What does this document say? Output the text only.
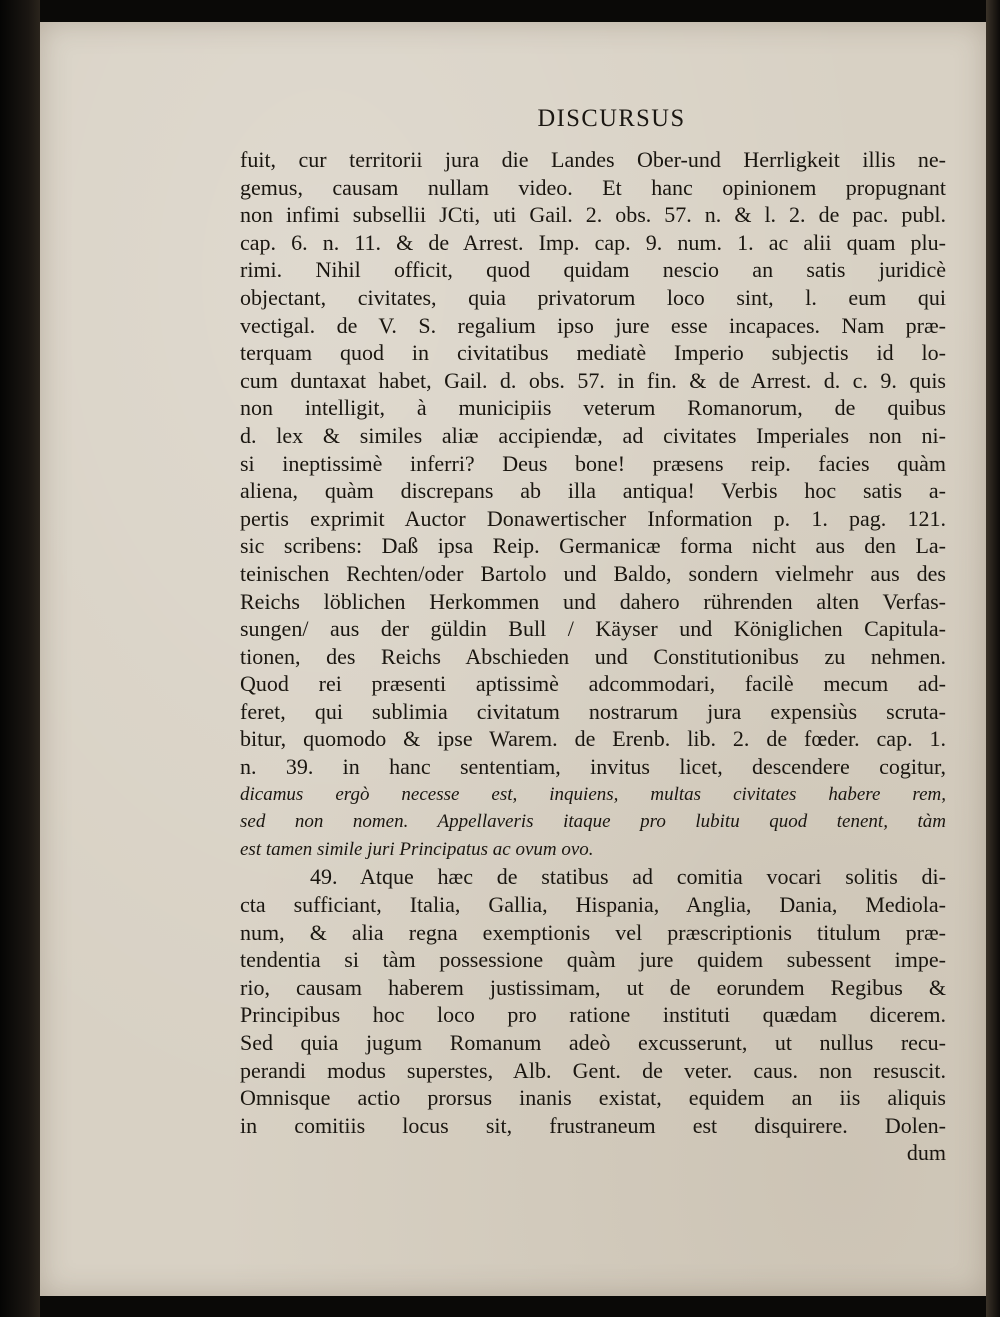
DISCURSUS
fuit, cur territorii jura die Landes Ober-und Herrligkeit illis ne-
gemus, causam nullam video. Et hanc opinionem propugnant
non infimi subsellii JCti, uti Gail. 2. obs. 57. n. & l. 2. de pac. publ.
cap. 6. n. 11. & de Arrest. Imp. cap. 9. num. 1. ac alii quam plu-
rimi. Nihil officit, quod quidam nescio an satis juridicè
objectant, civitates, quia privatorum loco sint, l. eum qui
vectigal. de V. S. regalium ipso jure esse incapaces. Nam præ-
terquam quod in civitatibus mediatè Imperio subjectis id lo-
cum duntaxat habet, Gail. d. obs. 57. in fin. & de Arrest. d. c. 9. quis
non intelligit, à municipiis veterum Romanorum, de quibus
d. lex & similes aliæ accipiendæ, ad civitates Imperiales non ni-
si ineptissimè inferri? Deus bone! præsens reip. facies quàm
aliena, quàm discrepans ab illa antiqua! Verbis hoc satis a-
pertis exprimit Auctor Donawertischer Information p. 1. pag. 121.
sic scribens: Daß ipsa Reip. Germanicæ forma nicht aus den La-
teinischen Rechten/oder Bartolo und Baldo, sondern vielmehr aus des
Reichs löblichen Herkommen und dahero rührenden alten Verfas-
sungen/ aus der güldin Bull / Käyser und Königlichen Capitula-
tionen, des Reichs Abschieden und Constitutionibus zu nehmen.
Quod rei præsenti aptissimè adcommodari, facilè mecum ad-
feret, qui sublimia civitatum nostrarum jura expensiùs scruta-
bitur, quomodo & ipse Warem. de Erenb. lib. 2. de fœder. cap. 1.
n. 39. in hanc sententiam, invitus licet, descendere cogitur,
dicamus ergò necesse est, inquiens, multas civitates habere rem,
sed non nomen. Appellaveris itaque pro lubitu quod tenent, tàm
est tamen simile juri Principatus ac ovum ovo.
49. Atque hæc de statibus ad comitia vocari solitis di-
cta sufficiant, Italia, Gallia, Hispania, Anglia, Dania, Mediola-
num, & alia regna exemptionis vel præscriptionis titulum præ-
tendentia si tàm possessione quàm jure quidem subessent impe-
rio, causam haberem justissimam, ut de eorundem Regibus &
Principibus hoc loco pro ratione instituti quædam dicerem.
Sed quia jugum Romanum adeò excusserunt, ut nullus recu-
perandi modus superstes, Alb. Gent. de veter. caus. non resuscit.
Omnisque actio prorsus inanis existat, equidem an iis aliquis
in comitiis locus sit, frustraneum est disquirere. Dolen-
dum
